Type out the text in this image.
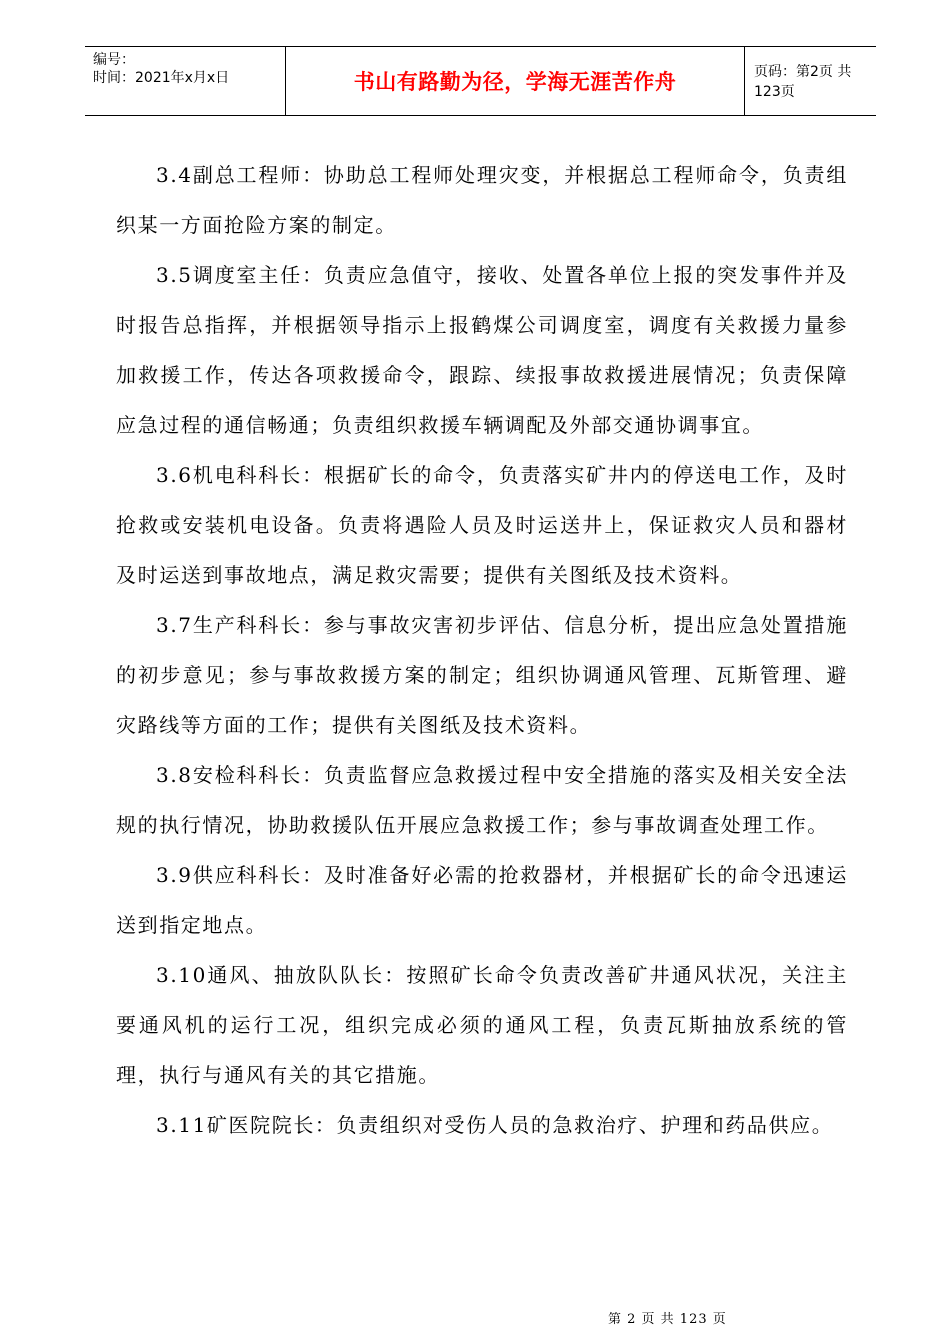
编号：
时间：2021年x月x日	书山有路勤为径，学海无涯苦作舟	页码：第2页 共123页

3.4副总工程师：协助总工程师处理灾变，并根据总工程师命令，负责组织某一方面抢险方案的制定。

3.5调度室主任：负责应急值守，接收、处置各单位上报的突发事件并及时报告总指挥，并根据领导指示上报鹤煤公司调度室，调度有关救援力量参加救援工作，传达各项救援命令，跟踪、续报事故救援进展情况；负责保障应急过程的通信畅通；负责组织救援车辆调配及外部交通协调事宜。

3.6机电科科长：根据矿长的命令，负责落实矿井内的停送电工作，及时抢救或安装机电设备。负责将遇险人员及时运送井上，保证救灾人员和器材及时运送到事故地点，满足救灾需要；提供有关图纸及技术资料。

3.7生产科科长：参与事故灾害初步评估、信息分析，提出应急处置措施的初步意见；参与事故救援方案的制定；组织协调通风管理、瓦斯管理、避灾路线等方面的工作；提供有关图纸及技术资料。

3.8安检科科长：负责监督应急救援过程中安全措施的落实及相关安全法规的执行情况，协助救援队伍开展应急救援工作；参与事故调查处理工作。

3.9供应科科长：及时准备好必需的抢救器材，并根据矿长的命令迅速运送到指定地点。

3.10通风、抽放队队长：按照矿长命令负责改善矿井通风状况，关注主要通风机的运行工况，组织完成必须的通风工程，负责瓦斯抽放系统的管理，执行与通风有关的其它措施。

3.11矿医院院长：负责组织对受伤人员的急救治疗、护理和药品供应。

第 2 页 共 123 页
